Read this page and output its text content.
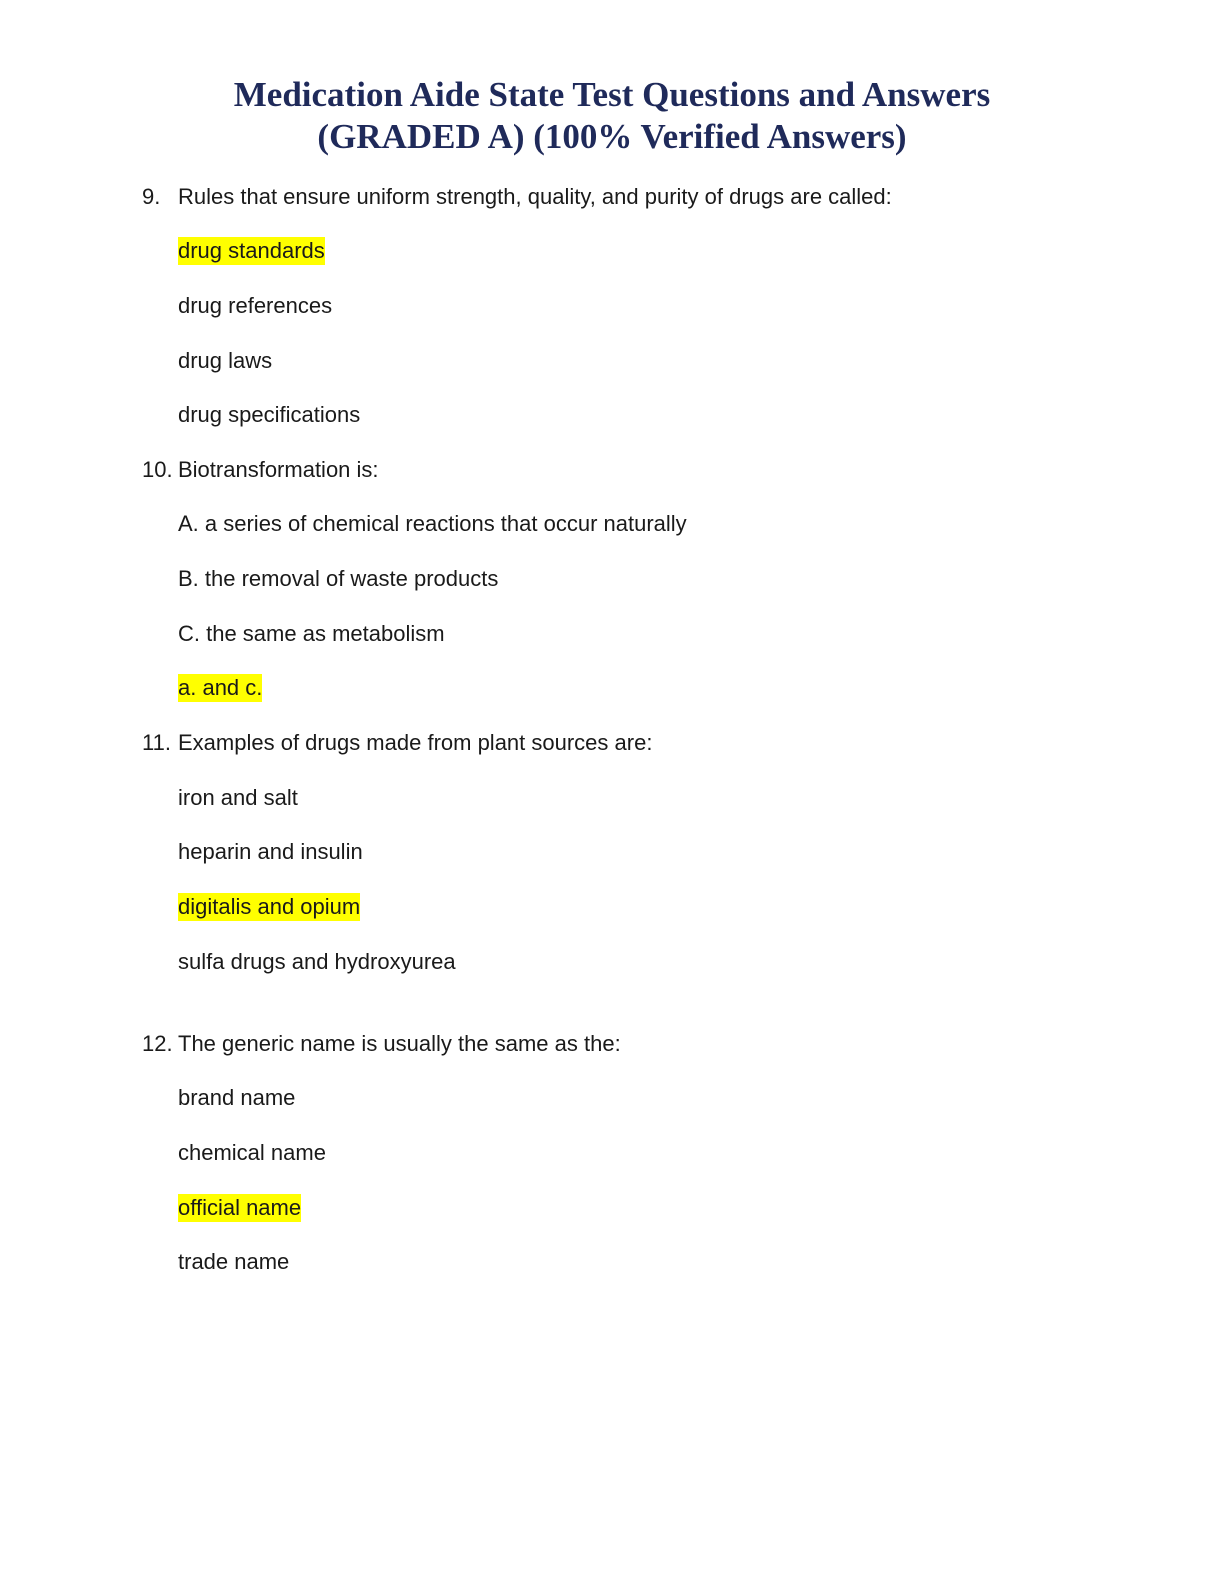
Medication Aide State Test Questions and Answers
(GRADED A) (100% Verified Answers)
9. Rules that ensure uniform strength, quality, and purity of drugs are called:
drug standards
drug references
drug laws
drug specifications
10. Biotransformation is:
A. a series of chemical reactions that occur naturally
B. the removal of waste products
C. the same as metabolism
a. and c.
11. Examples of drugs made from plant sources are:
iron and salt
heparin and insulin
digitalis and opium
sulfa drugs and hydroxyurea
12. The generic name is usually the same as the:
brand name
chemical name
official name
trade name
